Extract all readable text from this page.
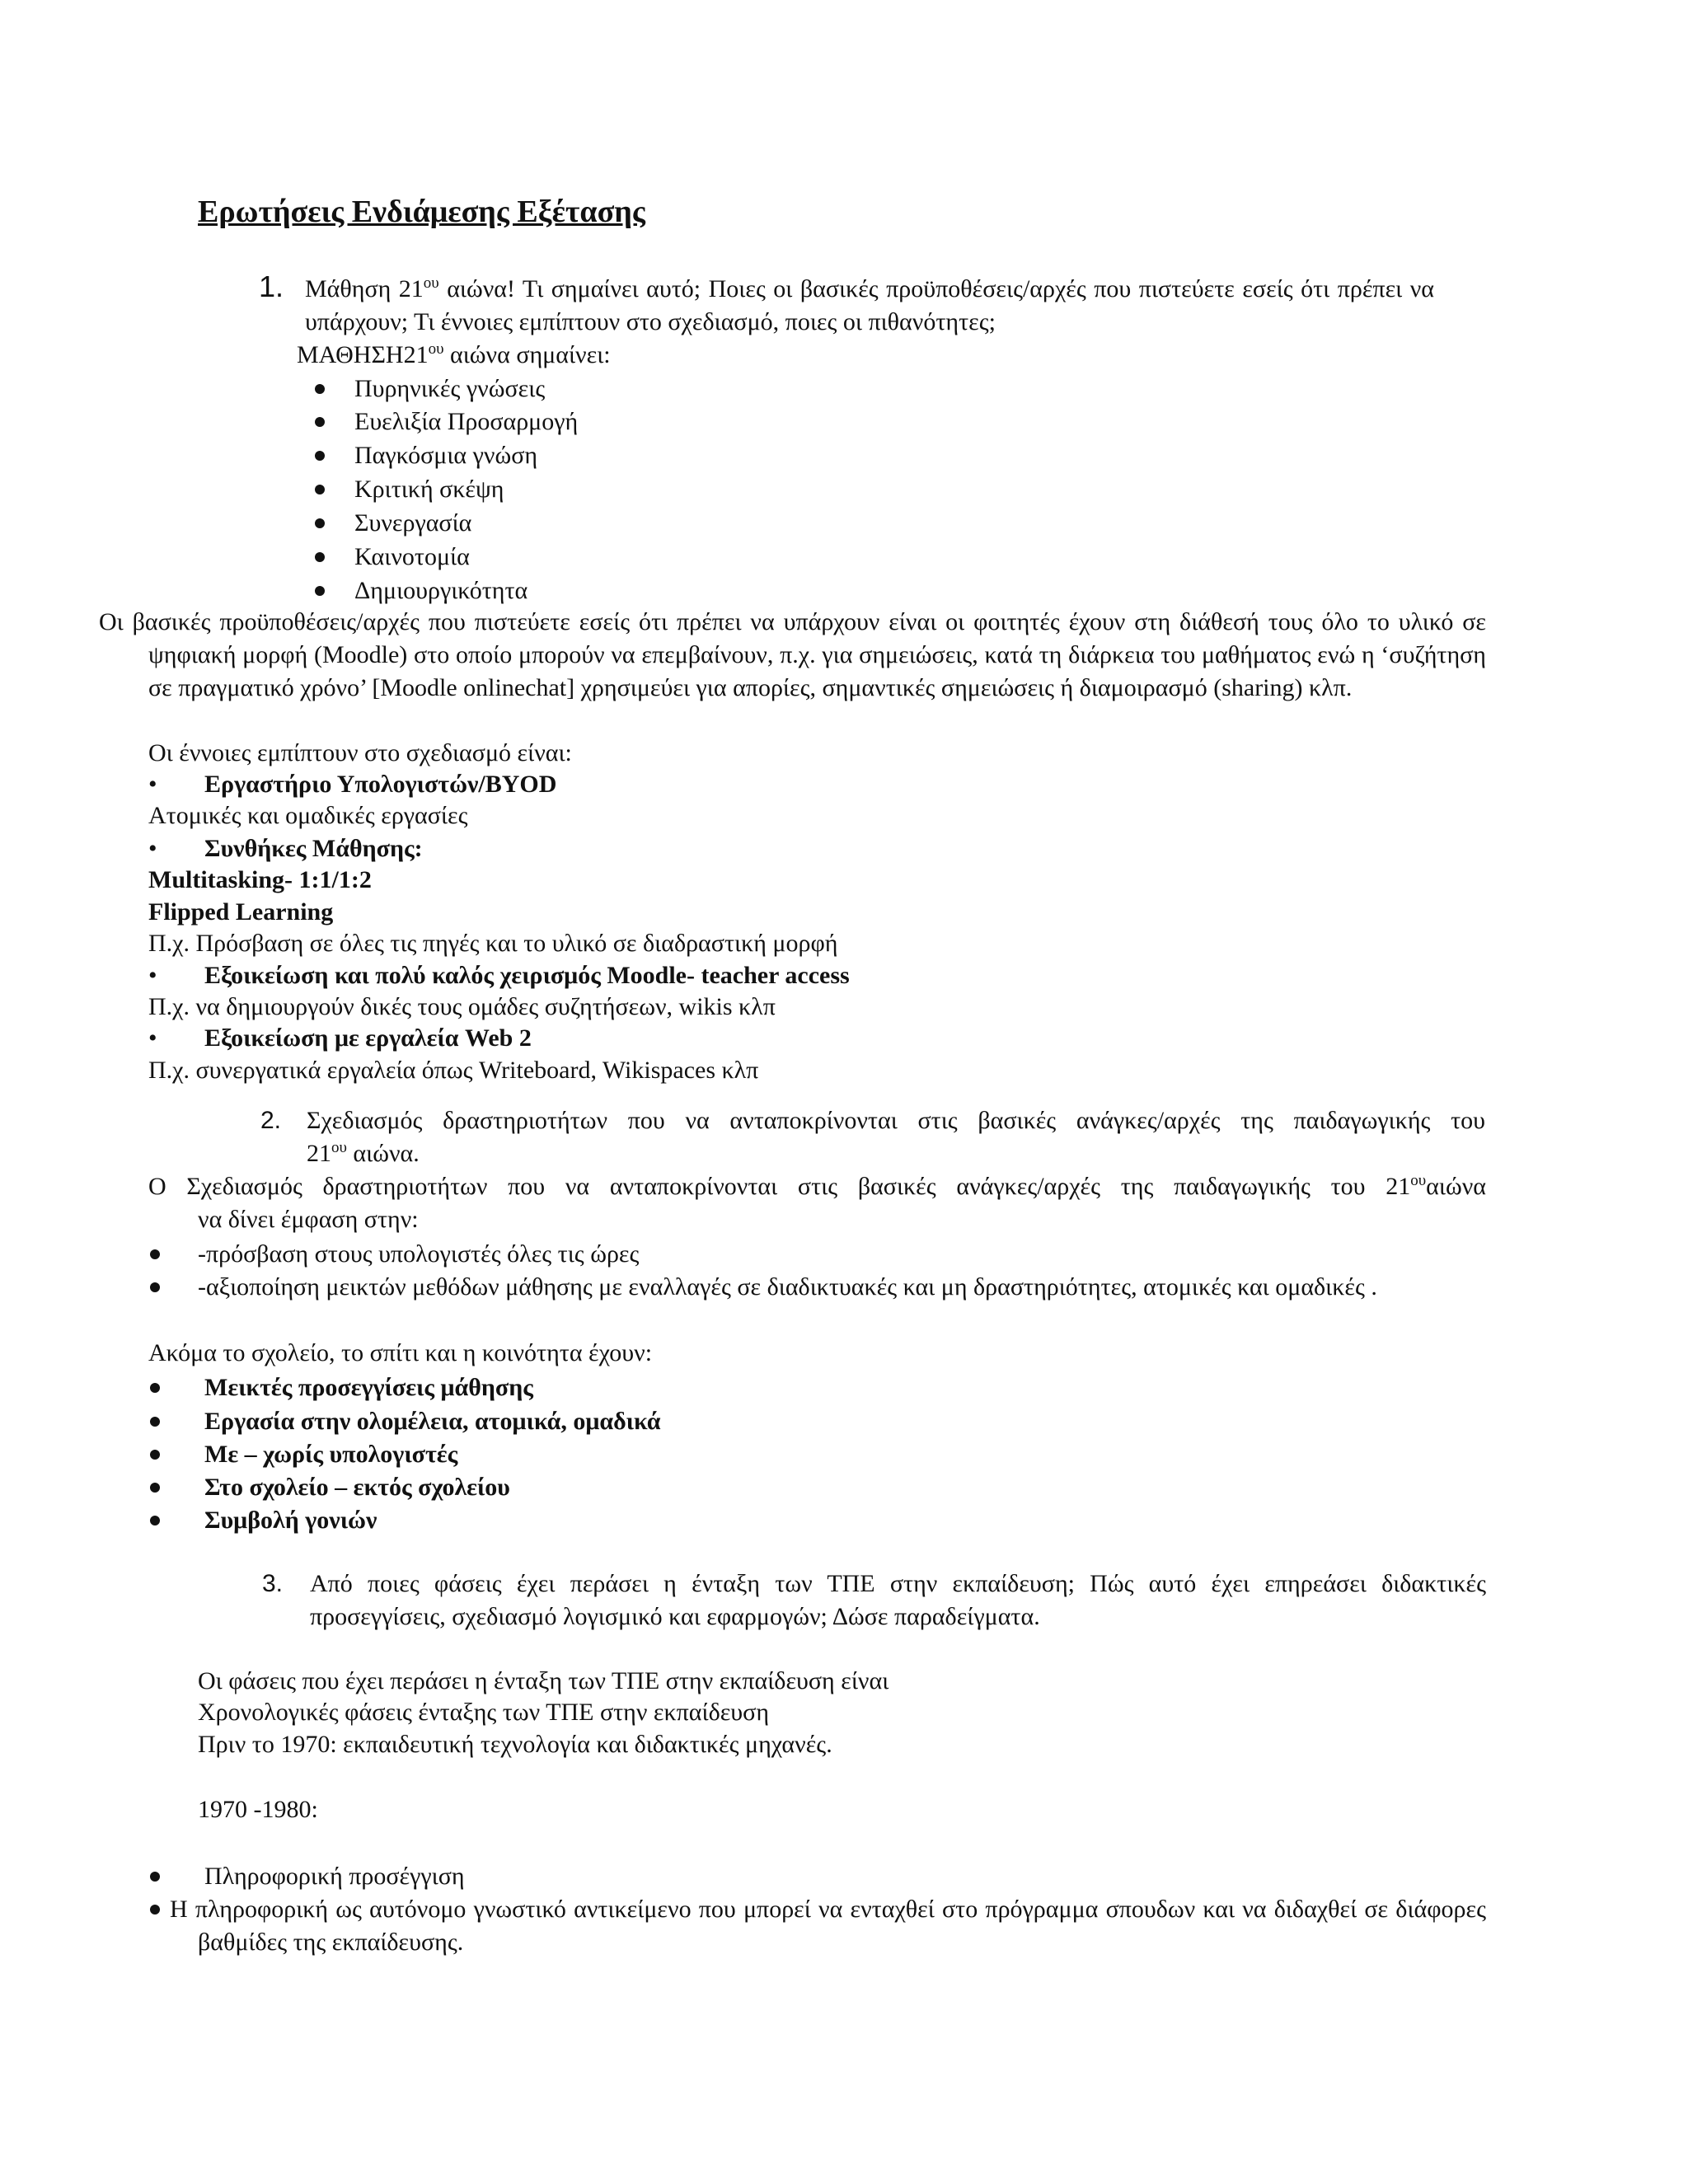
Ερωτήσεις Ενδιάμεσης Εξέτασης
1. Μάθηση $21^{o\upsilon}$ αιώνα! Τι σημαίνει αυτό; Ποιες οι βασικές προϋποθέσεις/αρχές που πιστεύετε εσείς ότι πρέπει να υπάρχουν; Τι έννοιες εμπίπτουν στο σχεδιασμό, ποιες οι πιθανότητες;
$MA\Theta H\Sigma H21^{o\upsilon}$ αιώνα σημαίνει:
Πυρηνικές γνώσεις
Ευελιξία Προσαρμογή
Παγκόσμια γνώση
Κριτική σκέψη
Συνεργασία
Καινοτομία
Δημιουργικότητα
Οι βασικές προϋποθέσεις/αρχές που πιστεύετε εσείς ότι πρέπει να υπάρχουν είναι οι φοιτητές έχουν στη διάθεσή τους όλο το υλικό σε ψηφιακή μορφή (Moodle) στο οποίο μπορούν να επεμβαίνουν, π.χ. για σημειώσεις, κατά τη διάρκεια του μαθήματος ενώ η ‘συζήτηση σε πραγματικό χρόνο’ [Moodle onlinechat] χρησιμεύει για απορίες, σημαντικές σημειώσεις ή διαμοιρασμό (sharing) κλπ.
Οι έννοιες εμπίπτουν στο σχεδιασμό είναι:
• Εργαστήριο Υπολογιστών/BYOD
Ατομικές και ομαδικές εργασίες
• Συνθήκες Μάθησης:
Multitasking- 1:1/1:2
Flipped Learning
Π.χ. Πρόσβαση σε όλες τις πηγές και το υλικό σε διαδραστική μορφή
• Εξοικείωση και πολύ καλός χειρισμός Moodle- teacher access
Π.χ. να δημιουργούν δικές τους ομάδες συζητήσεων, wikis κλπ
• Εξοικείωση με εργαλεία Web 2
Π.χ. συνεργατικά εργαλεία όπως Writeboard, Wikispaces κλπ
2. Σχεδιασμός δραστηριοτήτων που να ανταποκρίνονται στις βασικές ανάγκες/αρχές της παιδαγωγικής του
$21^{o\upsilon}$ αιώνα.
Ο Σχεδιασμός δραστηριοτήτων που να ανταποκρίνονται στις βασικές ανάγκες/αρχές της παιδαγωγικής του $21^{o\upsilon}\alpha\iota ώ\nu\alpha$
να δίνει έμφαση στην:
-πρόσβαση στους υπολογιστές όλες τις ώρες
-αξιοποίηση μεικτών μεθόδων μάθησης με εναλλαγές σε διαδικτυακές και μη δραστηριότητες, ατομικές και ομαδικές .
Ακόμα το σχολείο, το σπίτι και η κοινότητα έχουν:
Μεικτές προσεγγίσεις μάθησης
Εργασία στην ολομέλεια, ατομικά, ομαδικά
Με – χωρίς υπολογιστές
Στο σχολείο – εκτός σχολείου
Συμβολή γονιών
3. Από ποιες φάσεις έχει περάσει η ένταξη των ΤΠΕ στην εκπαίδευση; Πώς αυτό έχει επηρεάσει διδακτικές προσεγγίσεις, σχεδιασμό λογισμικό και εφαρμογών; Δώσε παραδείγματα.
Οι φάσεις που έχει περάσει η ένταξη των ΤΠΕ στην εκπαίδευση είναι
Χρονολογικές φάσεις ένταξης των ΤΠΕ στην εκπαίδευση
Πριν το 1970: εκπαιδευτική τεχνολογία και διδακτικές μηχανές.
1970 -1980:
Πληροφορική προσέγγιση
Η πληροφορική ως αυτόνομο γνωστικό αντικείμενο που μπορεί να ενταχθεί στο πρόγραμμα σπουδων και να διδαχθεί σε διάφορες βαθμίδες της εκπαίδευσης.
